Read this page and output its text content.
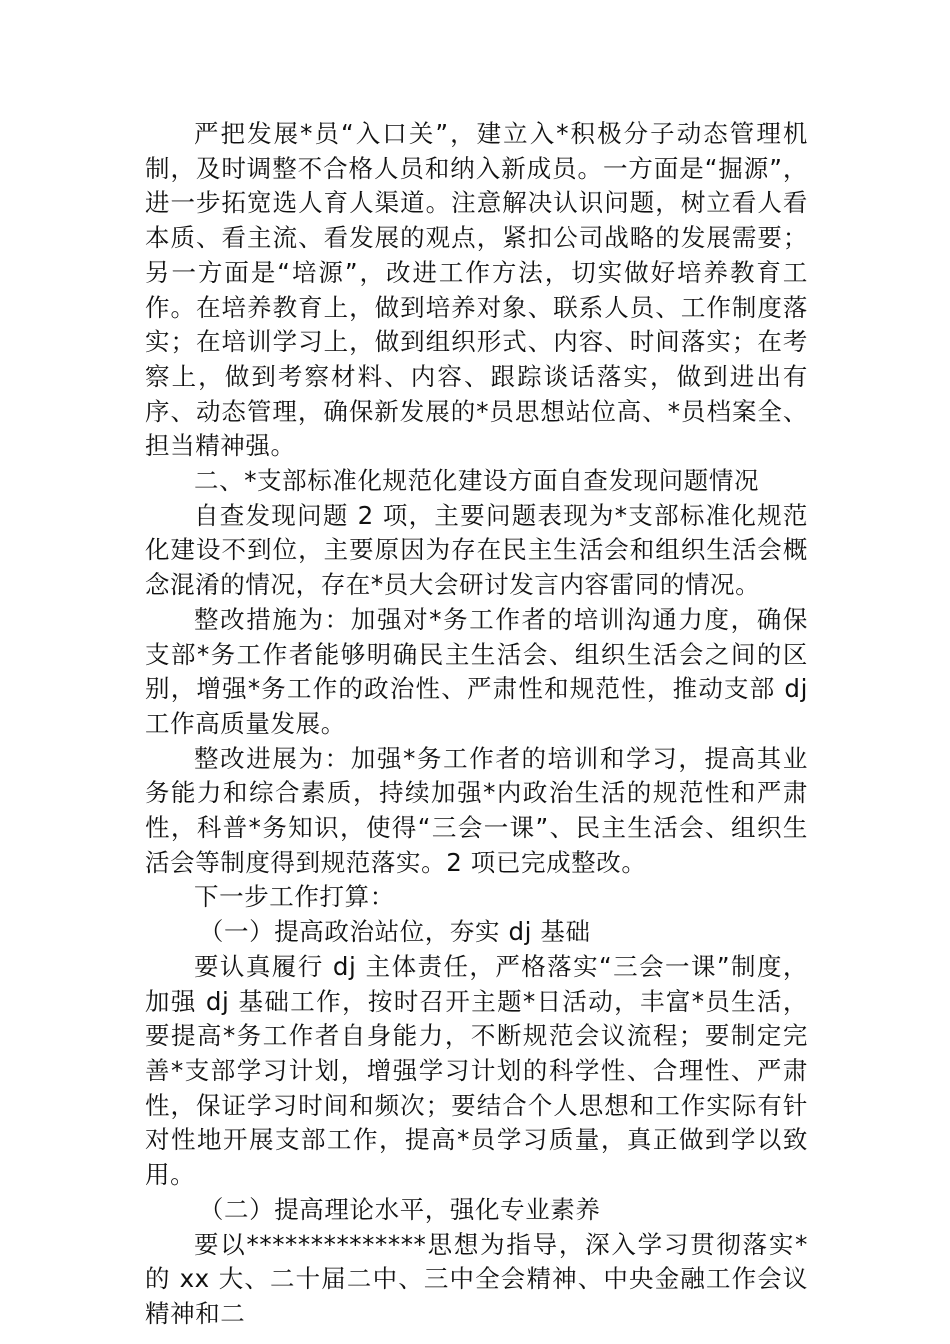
严把发展*员“入口关”，建立入*积极分子动态管理机制，及时调整不合格人员和纳入新成员。一方面是“掘源”，进一步拓宽选人育人渠道。注意解决认识问题，树立看人看本质、看主流、看发展的观点，紧扣公司战略的发展需要；另一方面是“培源”，改进工作方法，切实做好培养教育工作。在培养教育上，做到培养对象、联系人员、工作制度落实；在培训学习上，做到组织形式、内容、时间落实；在考察上，做到考察材料、内容、跟踪谈话落实，做到进出有序、动态管理，确保新发展的*员思想站位高、*员档案全、担当精神强。

二、*支部标准化规范化建设方面自查发现问题情况

自查发现问题 2 项，主要问题表现为*支部标准化规范化建设不到位，主要原因为存在民主生活会和组织生活会概念混淆的情况，存在*员大会研讨发言内容雷同的情况。

整改措施为：加强对*务工作者的培训沟通力度，确保支部*务工作者能够明确民主生活会、组织生活会之间的区别，增强*务工作的政治性、严肃性和规范性，推动支部 dj 工作高质量发展。

整改进展为：加强*务工作者的培训和学习，提高其业务能力和综合素质，持续加强*内政治生活的规范性和严肃性，科普*务知识，使得“三会一课”、民主生活会、组织生活会等制度得到规范落实。2 项已完成整改。

下一步工作打算：

（一）提高政治站位，夯实 dj 基础

要认真履行 dj 主体责任，严格落实“三会一课”制度，加强 dj 基础工作，按时召开主题*日活动，丰富*员生活，要提高*务工作者自身能力，不断规范会议流程；要制定完善*支部学习计划，增强学习计划的科学性、合理性、严肃性，保证学习时间和频次；要结合个人思想和工作实际有针对性地开展支部工作，提高*员学习质量，真正做到学以致用。

（二）提高理论水平，强化专业素养

要以**************思想为指导，深入学习贯彻落实*的 xx 大、二十届二中、三中全会精神、中央金融工作会议精神和二
